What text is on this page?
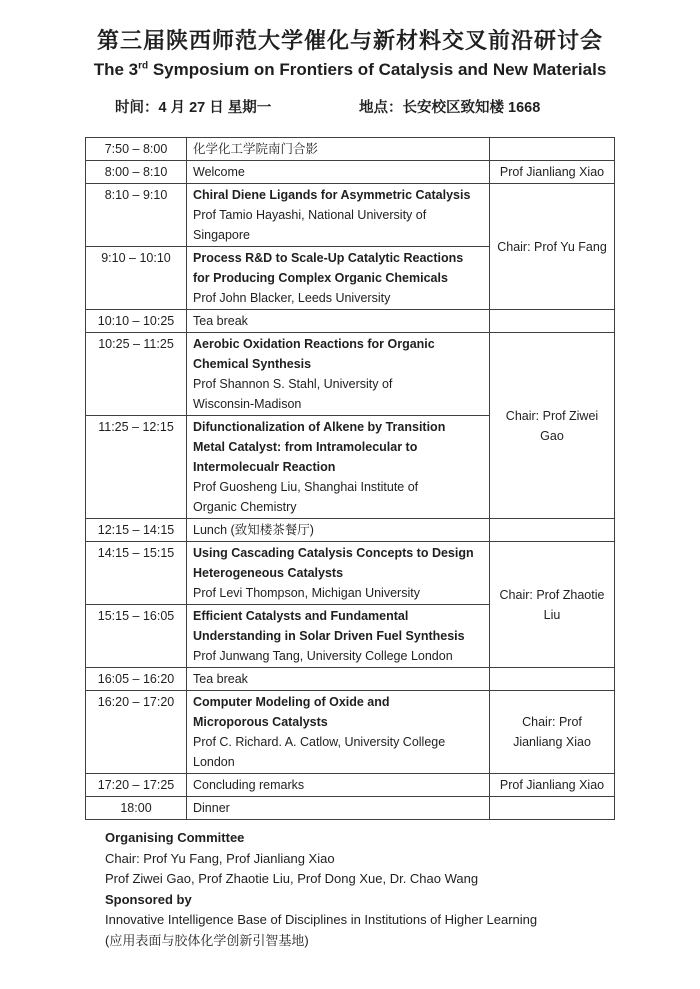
第三届陕西师范大学催化与新材料交叉前沿研讨会
The 3rd Symposium on Frontiers of Catalysis and New Materials
时间：4 月 27 日 星期一	地点：长安校区致知楼 1668
7:50 – 8:00	化学化工学院南门合影	

8:00 – 8:10	Welcome	Prof Jianliang Xiao
8:10 – 9:10	Chiral Diene Ligands for Asymmetric Catalysis
Prof Tamio Hayashi, National University of
Singapore	Chair: Prof Yu Fang
9:10 – 10:10	Process R&D to Scale-Up Catalytic Reactions
for Producing Complex Organic Chemicals
Prof John Blacker, Leeds University	

10:10 – 10:25	Tea break	

10:25 – 11:25	Aerobic Oxidation Reactions for Organic
Chemical Synthesis
Prof Shannon S. Stahl, University of
Wisconsin-Madison	Chair: Prof Ziwei Gao
11:25 – 12:15	Difunctionalization of Alkene by Transition
Metal Catalyst: from Intramolecular to
Intermolecualr Reaction
Prof Guosheng Liu, Shanghai Institute of
Organic Chemistry	

12:15 – 14:15	Lunch (致知楼茶餐厅)	

14:15 – 15:15	Using Cascading Catalysis Concepts to Design
Heterogeneous Catalysts
Prof Levi Thompson, Michigan University	Chair: Prof Zhaotie Liu
15:15 – 16:05	Efficient Catalysts and Fundamental
Understanding in Solar Driven Fuel Synthesis
Prof Junwang Tang, University College London	

16:05 – 16:20	Tea break	

16:20 – 17:20	Computer Modeling of Oxide and
Microporous Catalysts
Prof C. Richard. A. Catlow, University College
London	Chair: Prof Jianliang Xiao
17:20 – 17:25	Concluding remarks	Prof Jianliang Xiao
18:00	Dinner	

Organising Committee
Chair: Prof Yu Fang, Prof Jianliang Xiao
Prof Ziwei Gao, Prof Zhaotie Liu, Prof Dong Xue, Dr. Chao Wang
Sponsored by
Innovative Intelligence Base of Disciplines in Institutions of Higher Learning
(应用表面与胶体化学创新引智基地)
